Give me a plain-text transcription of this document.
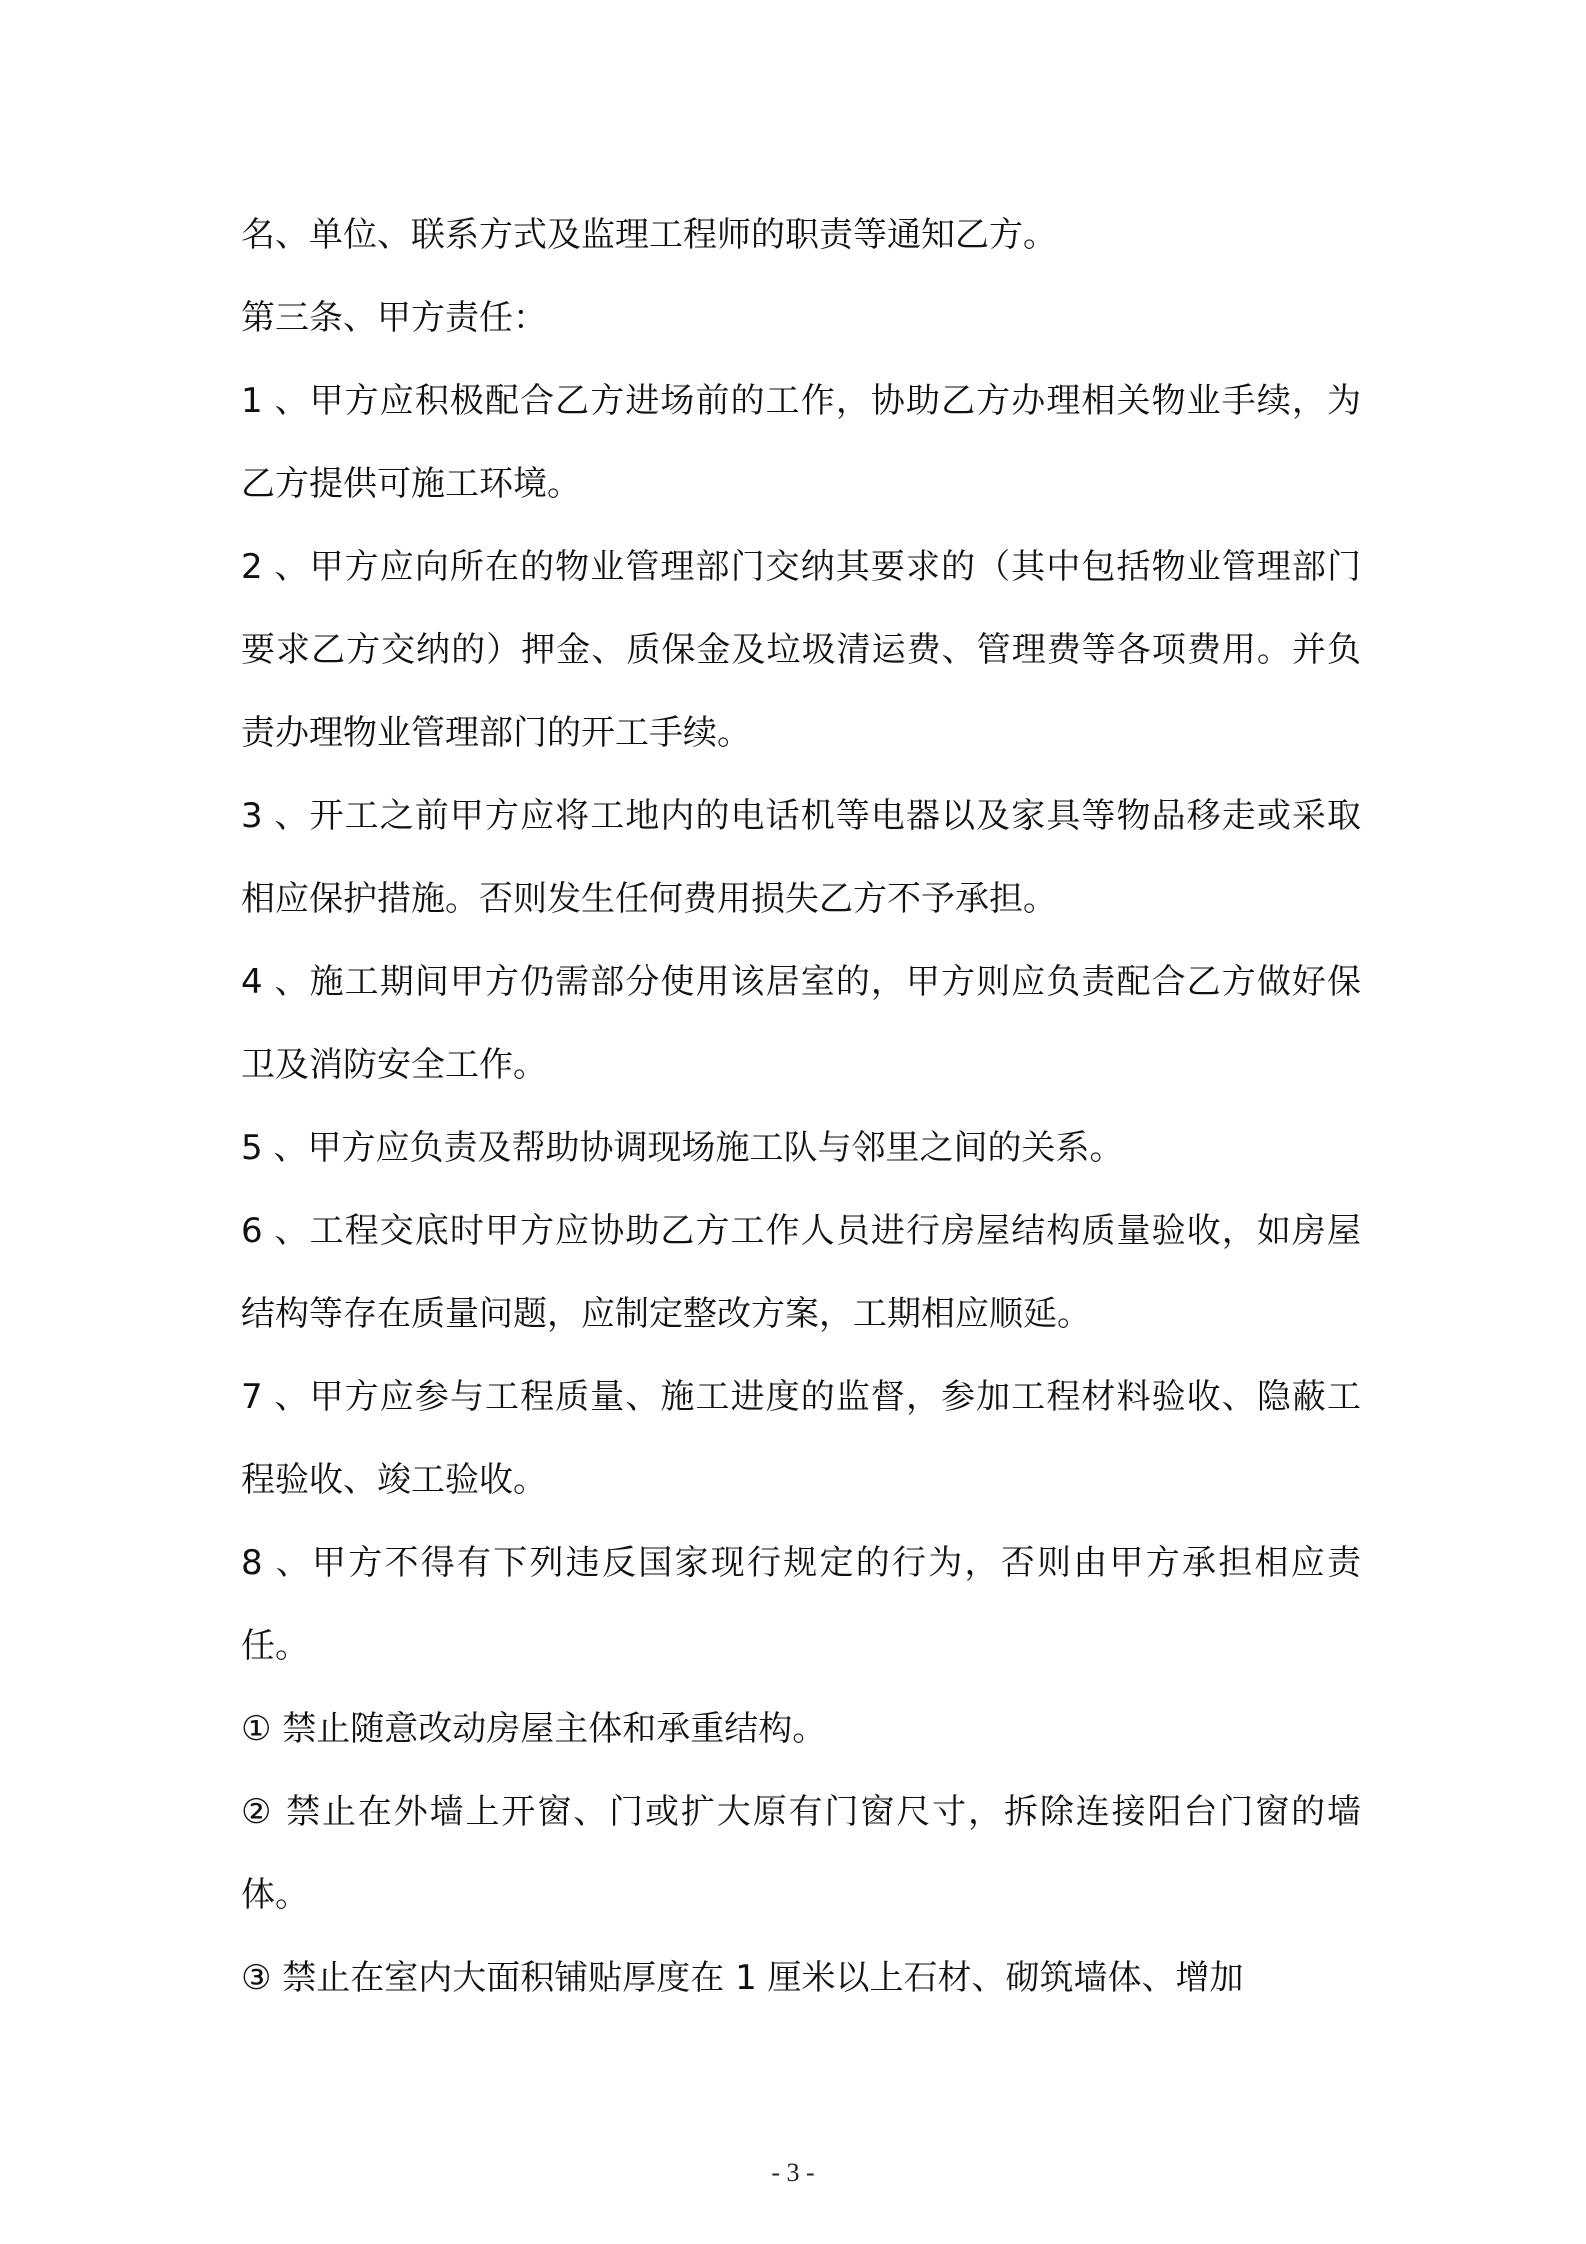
名、单位、联系方式及监理工程师的职责等通知乙方。

第三条、甲方责任：

1 、甲方应积极配合乙方进场前的工作，协助乙方办理相关物业手续，为乙方提供可施工环境。

2 、甲方应向所在的物业管理部门交纳其要求的（其中包括物业管理部门要求乙方交纳的）押金、质保金及垃圾清运费、管理费等各项费用。并负责办理物业管理部门的开工手续。

3 、开工之前甲方应将工地内的电话机等电器以及家具等物品移走或采取相应保护措施。否则发生任何费用损失乙方不予承担。

4 、施工期间甲方仍需部分使用该居室的，甲方则应负责配合乙方做好保卫及消防安全工作。

5 、甲方应负责及帮助协调现场施工队与邻里之间的关系。

6 、工程交底时甲方应协助乙方工作人员进行房屋结构质量验收，如房屋结构等存在质量问题，应制定整改方案，工期相应顺延。

7 、甲方应参与工程质量、施工进度的监督，参加工程材料验收、隐蔽工程验收、竣工验收。

8 、甲方不得有下列违反国家现行规定的行为，否则由甲方承担相应责任。

① 禁止随意改动房屋主体和承重结构。

② 禁止在外墙上开窗、门或扩大原有门窗尺寸，拆除连接阳台门窗的墙体。

③ 禁止在室内大面积铺贴厚度在 1 厘米以上石材、砌筑墙体、增加

- 3 -
